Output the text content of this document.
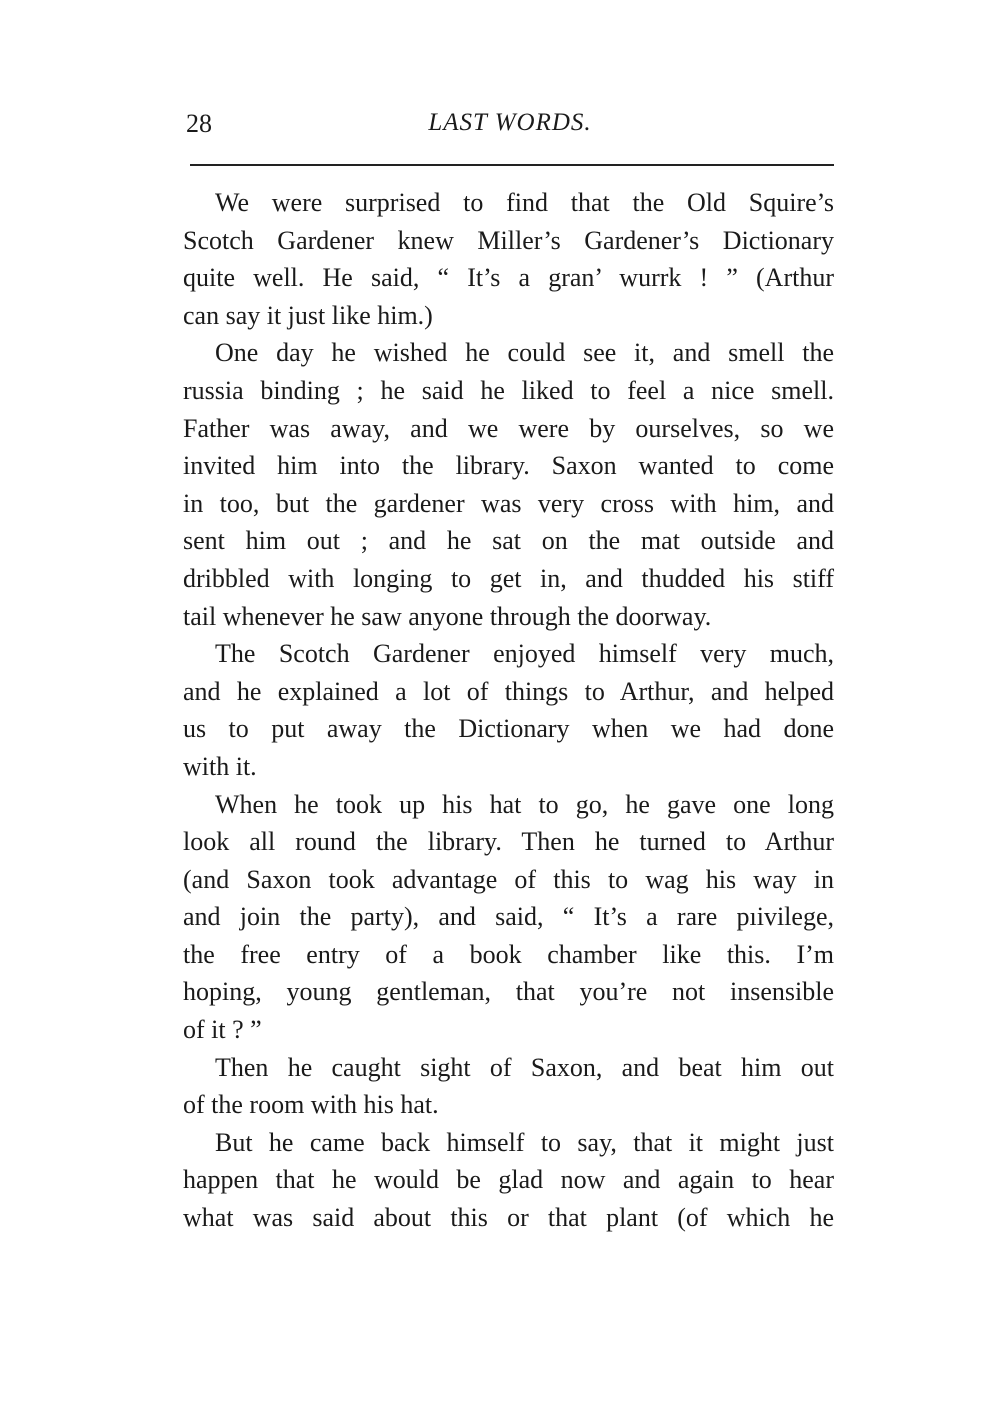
28	LAST WORDS.
We were surprised to find that the Old Squire’s
Scotch Gardener knew Miller’s Gardener’s Dictionary
quite well. He said, “ It’s a gran’ wurrk ! ” (Arthur
can say it just like him.)
One day he wished he could see it, and smell the
russia binding ; he said he liked to feel a nice smell.
Father was away, and we were by ourselves, so we
invited him into the library. Saxon wanted to come
in too, but the gardener was very cross with him, and
sent him out ; and he sat on the mat outside and
dribbled with longing to get in, and thudded his stiff
tail whenever he saw anyone through the doorway.
The Scotch Gardener enjoyed himself very much,
and he explained a lot of things to Arthur, and helped
us to put away the Dictionary when we had done
with it.
When he took up his hat to go, he gave one long
look all round the library. Then he turned to Arthur
(and Saxon took advantage of this to wag his way in
and join the party), and said, “ It’s a rare pıivilege,
the free entry of a book chamber like this. I’m
hoping, young gentleman, that you’re not insensible
of it ? ”
Then he caught sight of Saxon, and beat him out
of the room with his hat.
But he came back himself to say, that it might just
happen that he would be glad now and again to hear
what was said about this or that plant (of which he
